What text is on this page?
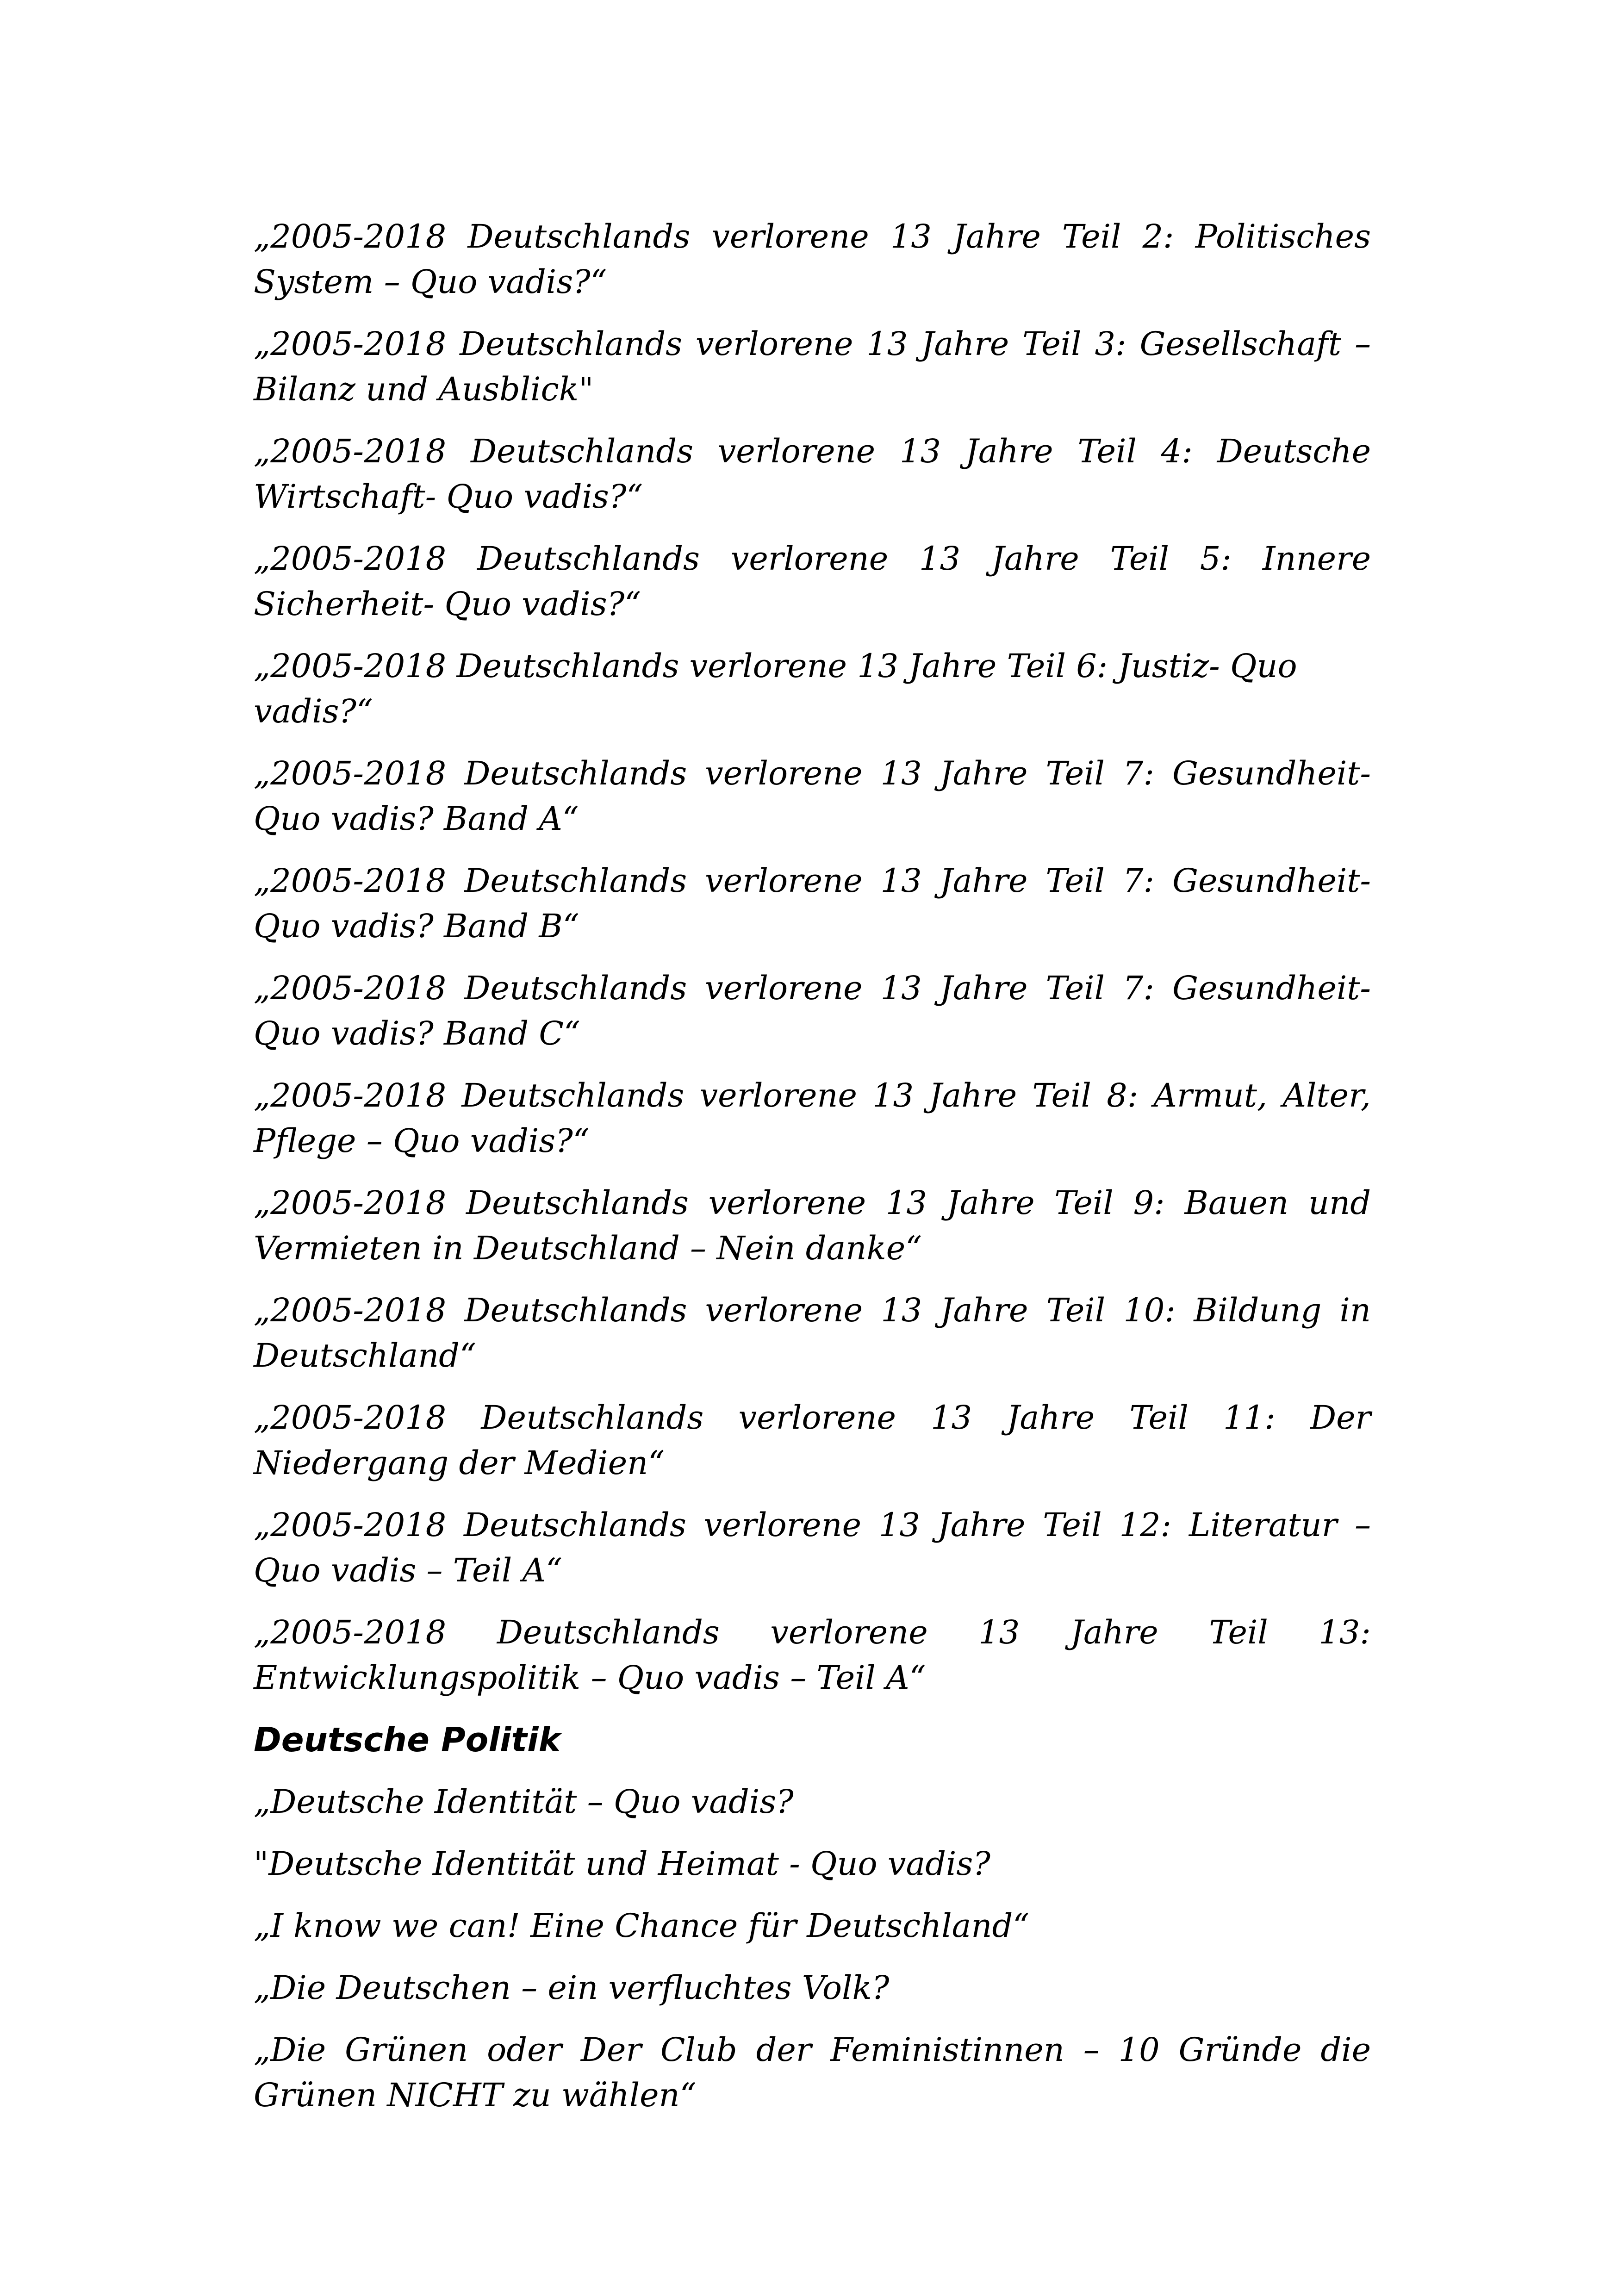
„2005-2018 Deutschlands verlorene 13 Jahre Teil 2: Politisches System – Quo vadis?“

„2005-2018 Deutschlands verlorene 13 Jahre Teil 3: Gesellschaft – Bilanz und Ausblick"

„2005-2018 Deutschlands verlorene 13 Jahre Teil 4: Deutsche Wirtschaft- Quo vadis?“

„2005-2018 Deutschlands verlorene 13 Jahre Teil 5: Innere Sicherheit- Quo vadis?“

„2005-2018 Deutschlands verlorene 13 Jahre Teil 6: Justiz- Quo vadis?“

„2005-2018 Deutschlands verlorene 13 Jahre Teil 7: Gesundheit- Quo vadis? Band A“

„2005-2018 Deutschlands verlorene 13 Jahre Teil 7: Gesundheit- Quo vadis? Band B“

„2005-2018 Deutschlands verlorene 13 Jahre Teil 7: Gesundheit- Quo vadis? Band C“

„2005-2018 Deutschlands verlorene 13 Jahre Teil 8: Armut, Alter, Pflege – Quo vadis?“

„2005-2018 Deutschlands verlorene 13 Jahre Teil 9: Bauen und Vermieten in Deutschland – Nein danke“

„2005-2018 Deutschlands verlorene 13 Jahre Teil 10: Bildung in Deutschland“

„2005-2018 Deutschlands verlorene 13 Jahre Teil 11: Der Niedergang der Medien“

„2005-2018 Deutschlands verlorene 13 Jahre Teil 12: Literatur – Quo vadis – Teil A“

„2005-2018 Deutschlands verlorene 13 Jahre Teil 13: Entwicklungspolitik – Quo vadis – Teil A“

Deutsche Politik

„Deutsche Identität – Quo vadis?

"Deutsche Identität und Heimat - Quo vadis?

„I know we can! Eine Chance für Deutschland“

„Die Deutschen – ein verfluchtes Volk?

„Die Grünen oder Der Club der Feministinnen – 10 Gründe die Grünen NICHT zu wählen“
